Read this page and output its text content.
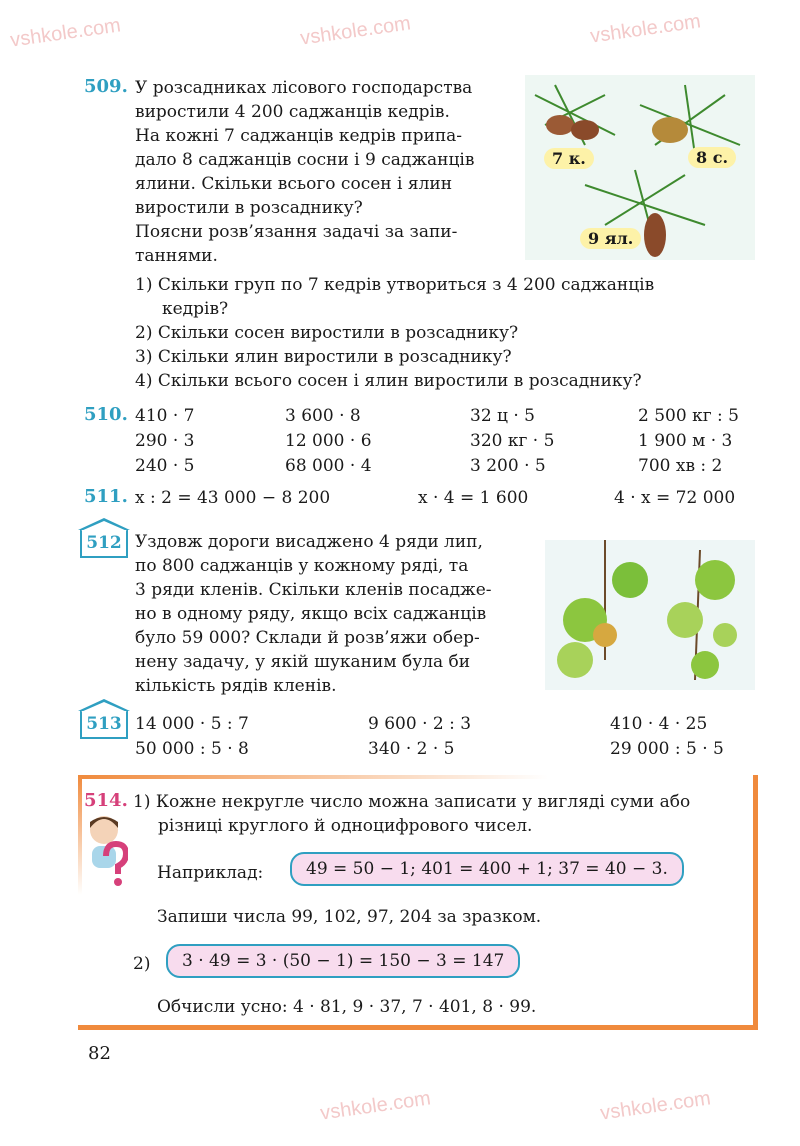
vshkole.com	vshkole.com	vshkole.com
vshkole.com	vshkole.com
509. У розсадниках лісового господарства
виростили 4 200 саджанців кедрів.
На кожні 7 саджанців кедрів припа-
дало 8 саджанців сосни і 9 саджанців
ялини. Скільки всього сосен і ялин
виростили в розсаднику?
Поясни розв’язання задачі за запи-
таннями.
7 к.	8 с.
9 ял.
1) Скільки груп по 7 кедрів утвориться з 4 200 саджанців
кедрів?
2) Скільки сосен виростили в розсаднику?
3) Скільки ялин виростили в розсаднику?
4) Скільки всього сосен і ялин виростили в розсаднику?
510. 410 · 7	3 600 · 8	32 ц · 5	2 500 кг : 5
290 · 3	12 000 · 6	320 кг · 5	1 900 м · 3
240 · 5	68 000 · 4	3 200 · 5	700 хв : 2
511. x : 2 = 43 000 − 8 200	x · 4 = 1 600	4 · x = 72 000
512 Уздовж дороги висаджено 4 ряди лип,
по 800 саджанців у кожному ряді, та
3 ряди кленів. Скільки кленів посадже-
но в одному ряду, якщо всіх саджанців
було 59 000? Склади й розв’яжи обер-
нену задачу, у якій шуканим була би
кількість рядів кленів.
513 14 000 · 5 : 7	9 600 · 2 : 3	410 · 4 · 25
50 000 : 5 · 8	340 · 2 · 5	29 000 : 5 · 5
514. 1) Кожне некругле число можна записати у вигляді суми або
різниці круглого й одноцифрового чисел.
Наприклад:	49 = 50 − 1; 401 = 400 + 1; 37 = 40 − 3.
Запиши числа 99, 102, 97, 204 за зразком.
2)	3 · 49 = 3 · (50 − 1) = 150 − 3 = 147
Обчисли усно: 4 · 81, 9 · 37, 7 · 401, 8 · 99.
82
